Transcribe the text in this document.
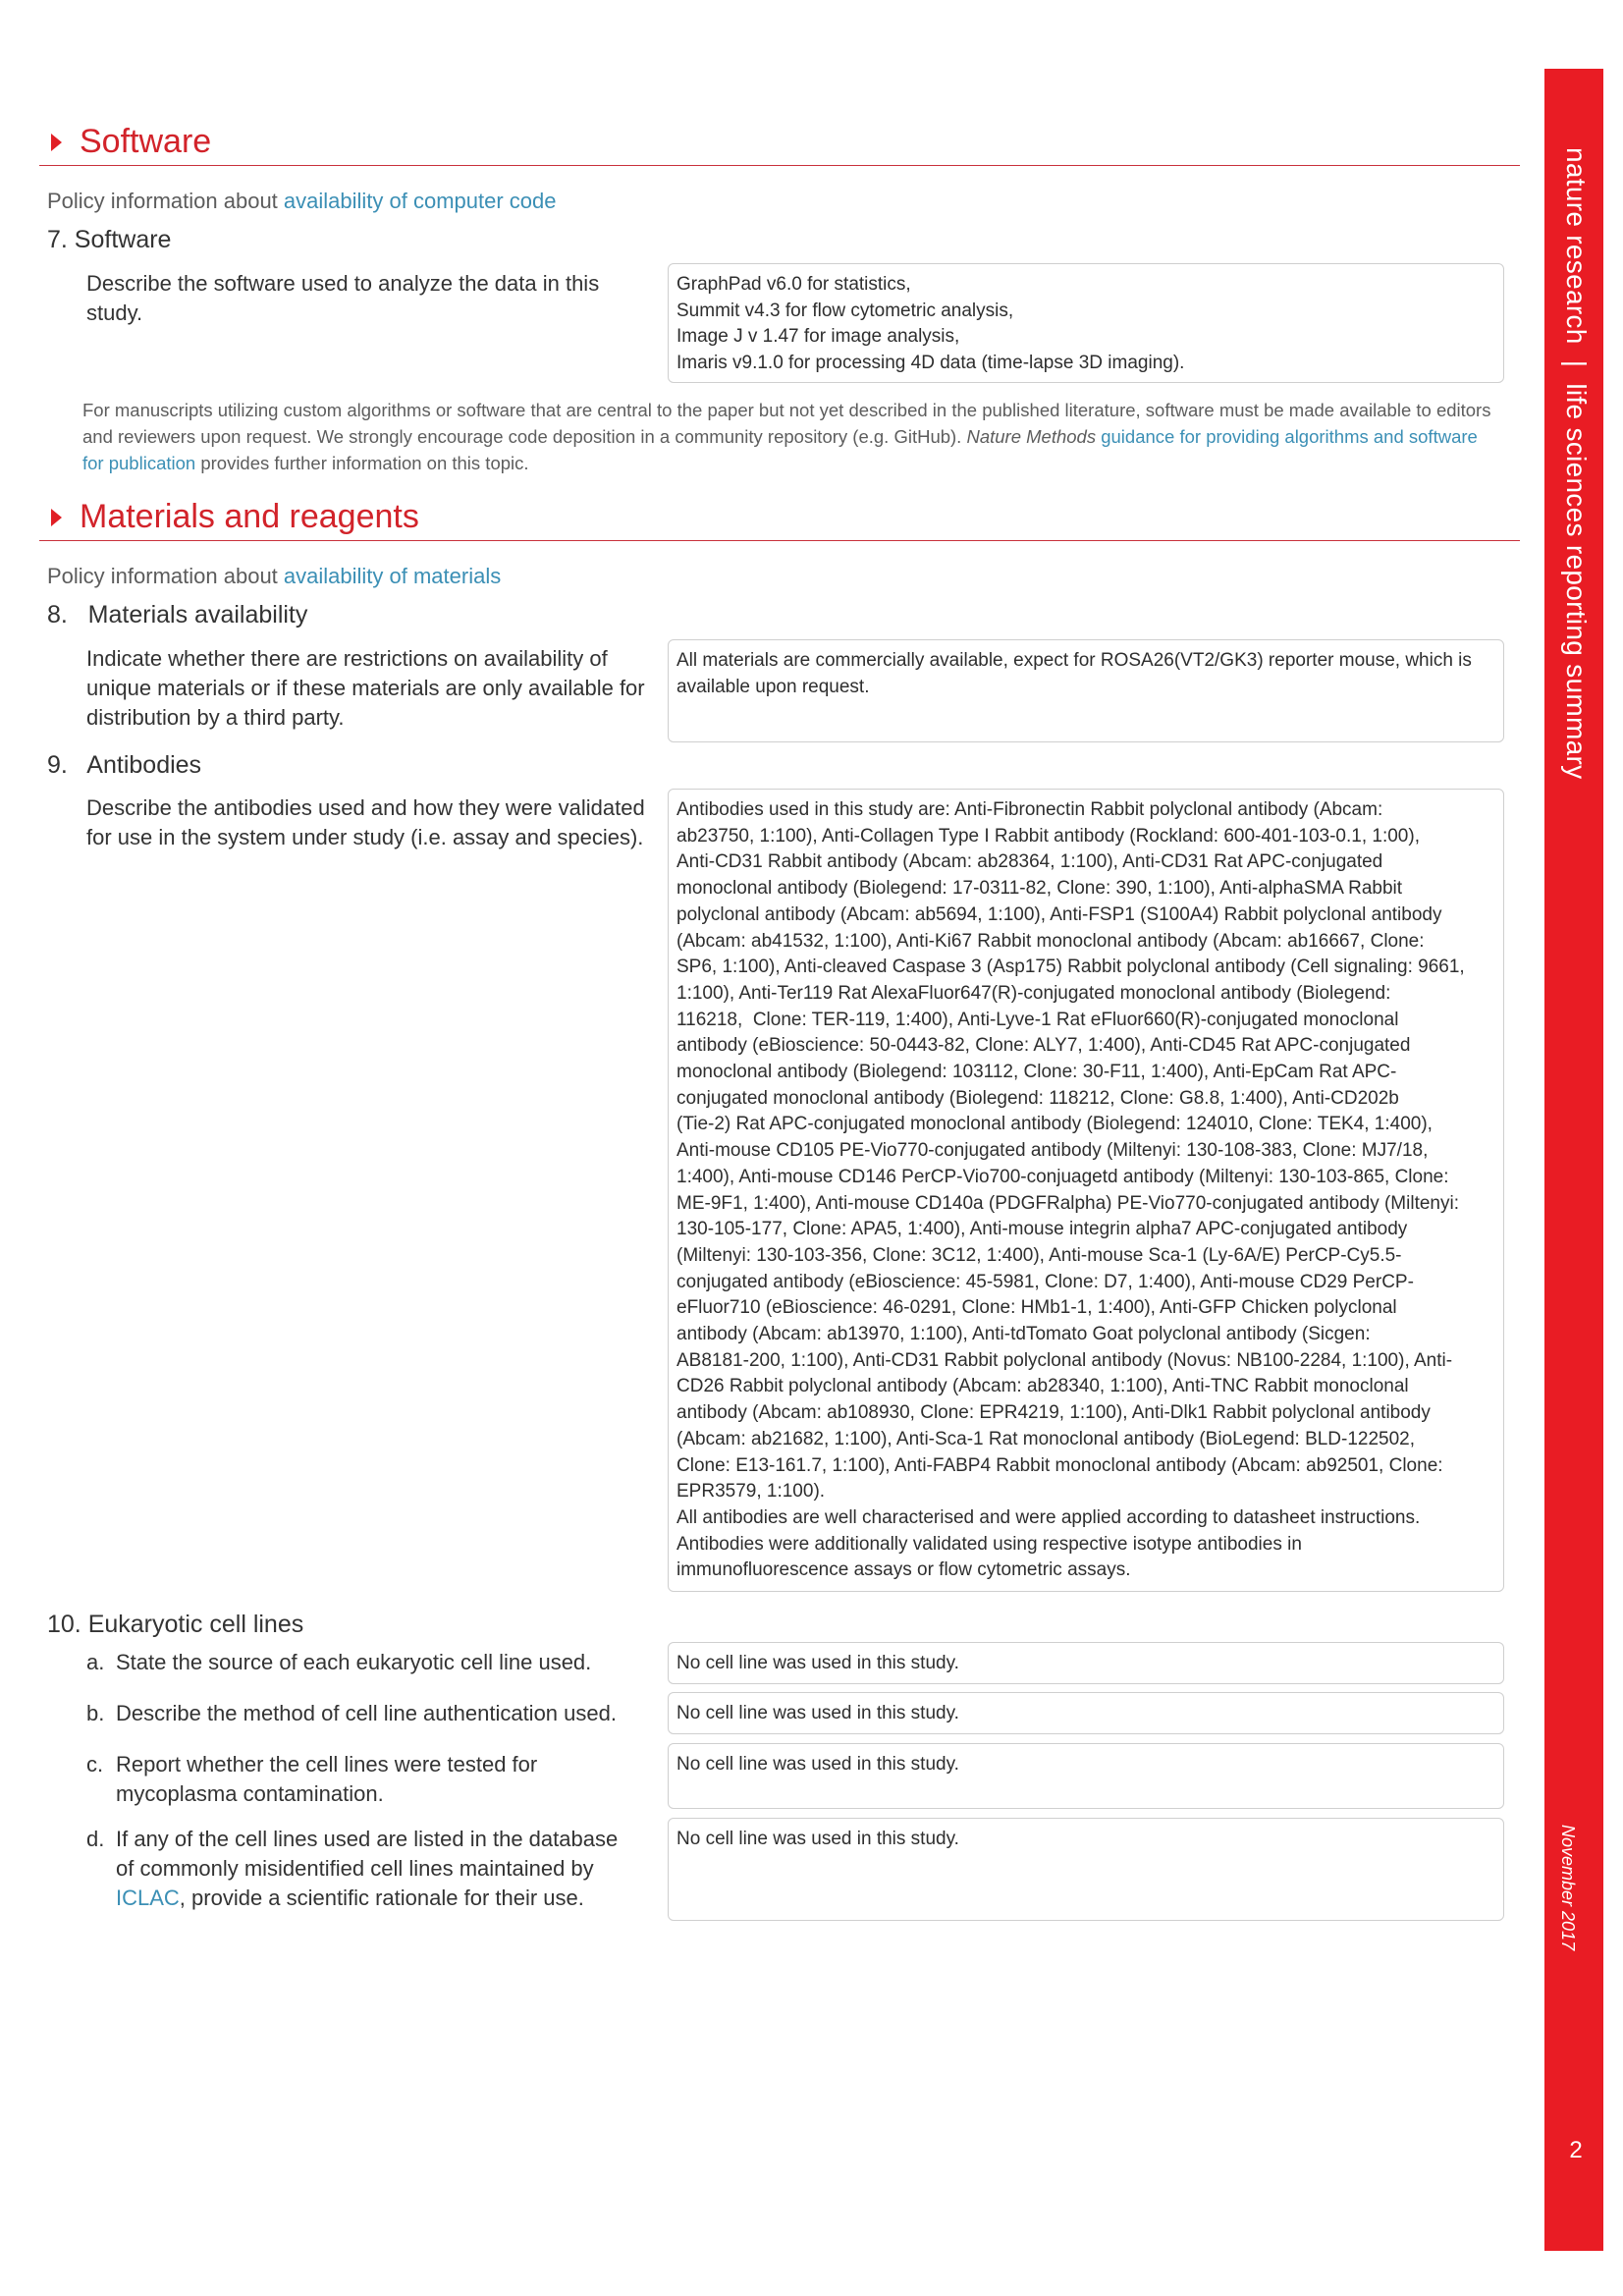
Software
Policy information about availability of computer code
7. Software
Describe the software used to analyze the data in this study.
GraphPad v6.0 for statistics,
Summit v4.3 for flow cytometric analysis,
Image J v 1.47 for image analysis,
Imaris v9.1.0 for processing 4D data (time-lapse 3D imaging).
For manuscripts utilizing custom algorithms or software that are central to the paper but not yet described in the published literature, software must be made available to editors and reviewers upon request. We strongly encourage code deposition in a community repository (e.g. GitHub). Nature Methods guidance for providing algorithms and software for publication provides further information on this topic.
Materials and reagents
Policy information about availability of materials
8.   Materials availability
Indicate whether there are restrictions on availability of unique materials or if these materials are only available for distribution by a third party.
All materials are commercially available, expect for ROSA26(VT2/GK3) reporter mouse, which is available upon request.
9.   Antibodies
Describe the antibodies used and how they were validated for use in the system under study (i.e. assay and species).
Antibodies used in this study are: Anti-Fibronectin Rabbit polyclonal antibody (Abcam:
ab23750, 1:100), Anti-Collagen Type I Rabbit antibody (Rockland: 600-401-103-0.1, 1:00),
Anti-CD31 Rabbit antibody (Abcam: ab28364, 1:100), Anti-CD31 Rat APC-conjugated
monoclonal antibody (Biolegend: 17-0311-82, Clone: 390, 1:100), Anti-alphaSMA Rabbit
polyclonal antibody (Abcam: ab5694, 1:100), Anti-FSP1 (S100A4) Rabbit polyclonal antibody
(Abcam: ab41532, 1:100), Anti-Ki67 Rabbit monoclonal antibody (Abcam: ab16667, Clone:
SP6, 1:100), Anti-cleaved Caspase 3 (Asp175) Rabbit polyclonal antibody (Cell signaling: 9661,
1:100), Anti-Ter119 Rat AlexaFluor647(R)-conjugated monoclonal antibody (Biolegend:
116218,  Clone: TER-119, 1:400), Anti-Lyve-1 Rat eFluor660(R)-conjugated monoclonal
antibody (eBioscience: 50-0443-82, Clone: ALY7, 1:400), Anti-CD45 Rat APC-conjugated
monoclonal antibody (Biolegend: 103112, Clone: 30-F11, 1:400), Anti-EpCam Rat APC-
conjugated monoclonal antibody (Biolegend: 118212, Clone: G8.8, 1:400), Anti-CD202b
(Tie-2) Rat APC-conjugated monoclonal antibody (Biolegend: 124010, Clone: TEK4, 1:400),
Anti-mouse CD105 PE-Vio770-conjugated antibody (Miltenyi: 130-108-383, Clone: MJ7/18,
1:400), Anti-mouse CD146 PerCP-Vio700-conjuagetd antibody (Miltenyi: 130-103-865, Clone:
ME-9F1, 1:400), Anti-mouse CD140a (PDGFRalpha) PE-Vio770-conjugated antibody (Miltenyi:
130-105-177, Clone: APA5, 1:400), Anti-mouse integrin alpha7 APC-conjugated antibody
(Miltenyi: 130-103-356, Clone: 3C12, 1:400), Anti-mouse Sca-1 (Ly-6A/E) PerCP-Cy5.5-
conjugated antibody (eBioscience: 45-5981, Clone: D7, 1:400), Anti-mouse CD29 PerCP-
eFluor710 (eBioscience: 46-0291, Clone: HMb1-1, 1:400), Anti-GFP Chicken polyclonal
antibody (Abcam: ab13970, 1:100), Anti-tdTomato Goat polyclonal antibody (Sicgen:
AB8181-200, 1:100), Anti-CD31 Rabbit polyclonal antibody (Novus: NB100-2284, 1:100), Anti-
CD26 Rabbit polyclonal antibody (Abcam: ab28340, 1:100), Anti-TNC Rabbit monoclonal
antibody (Abcam: ab108930, Clone: EPR4219, 1:100), Anti-Dlk1 Rabbit polyclonal antibody
(Abcam: ab21682, 1:100), Anti-Sca-1 Rat monoclonal antibody (BioLegend: BLD-122502,
Clone: E13-161.7, 1:100), Anti-FABP4 Rabbit monoclonal antibody (Abcam: ab92501, Clone:
EPR3579, 1:100).
All antibodies are well characterised and were applied according to datasheet instructions.
Antibodies were additionally validated using respective isotype antibodies in
immunofluorescence assays or flow cytometric assays.
10. Eukaryotic cell lines
a. State the source of each eukaryotic cell line used.	No cell line was used in this study.
b. Describe the method of cell line authentication used.	No cell line was used in this study.
c. Report whether the cell lines were tested for
mycoplasma contamination.
No cell line was used in this study.
d. If any of the cell lines used are listed in the database
of commonly misidentified cell lines maintained by
ICLAC, provide a scientific rationale for their use.
No cell line was used in this study.
nature research | life sciences reporting summary
November 2017
2
